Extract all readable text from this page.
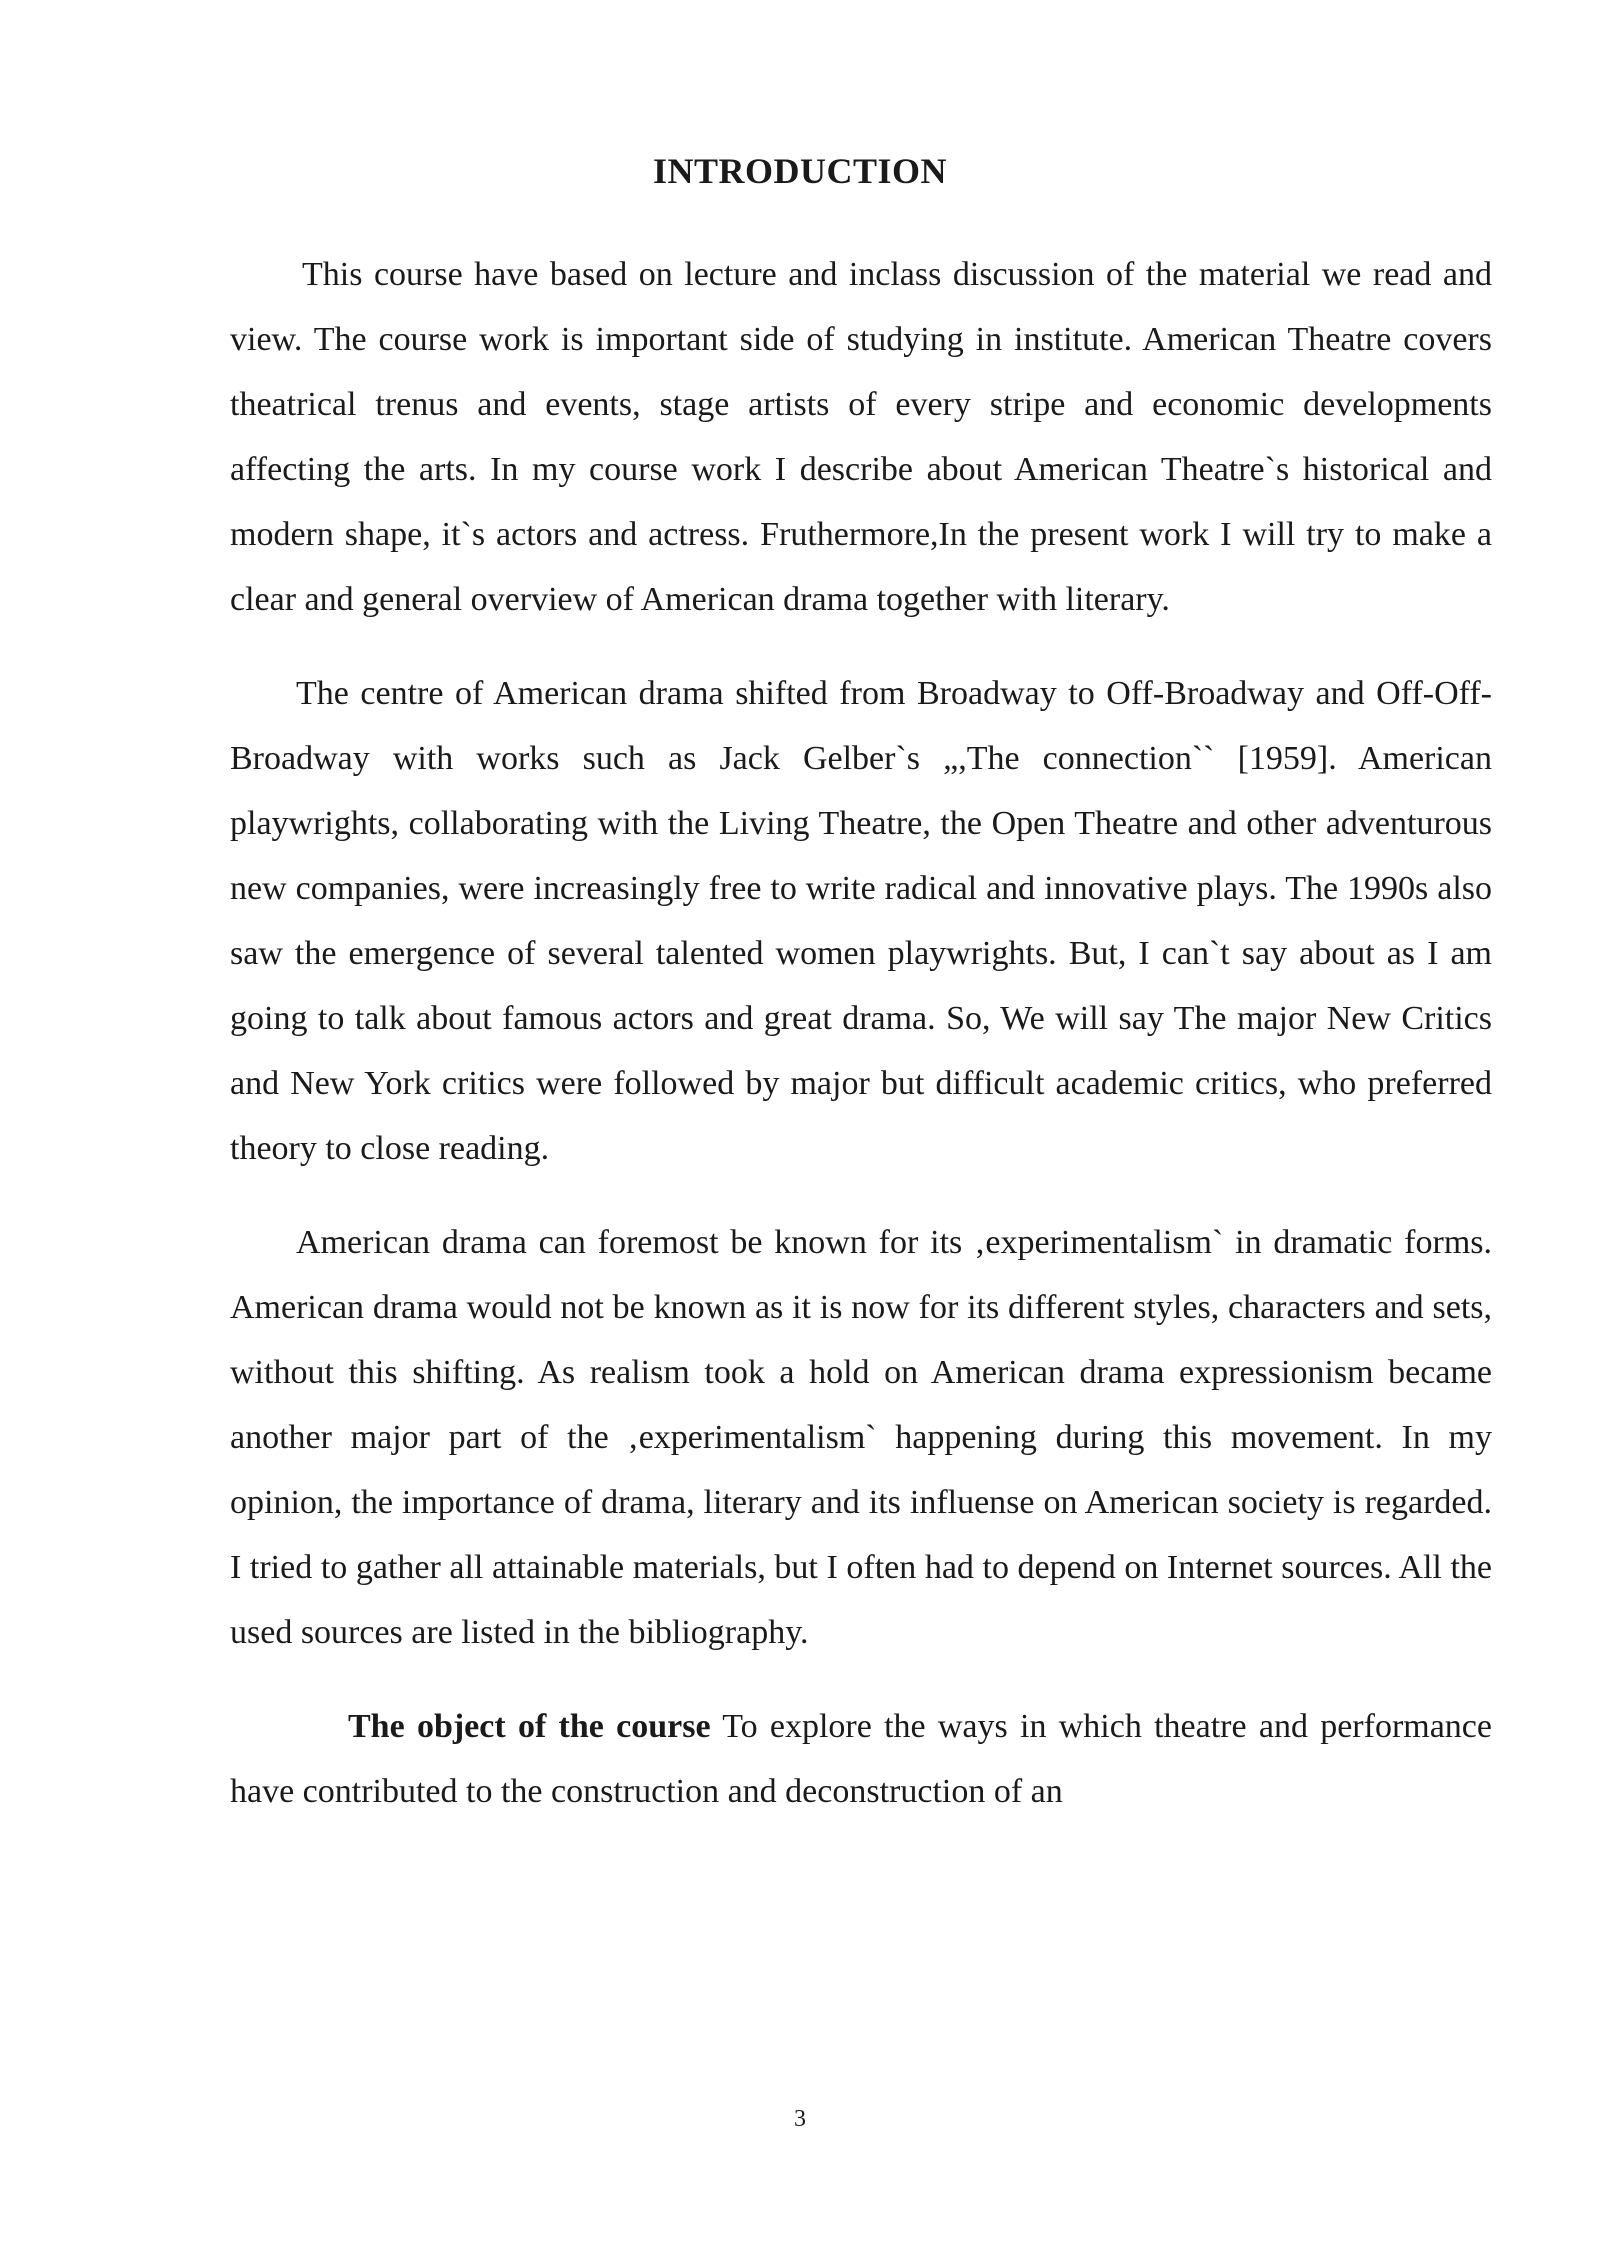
INTRODUCTION

This course have based on lecture and inclass discussion of the material we read and view. The course work is important side of studying in institute. American Theatre covers theatrical trenus and events, stage artists of every stripe and economic developments affecting the arts. In my course work I describe about American Theatre`s historical and modern shape, it`s actors and actress. Fruthermore,In the present work I will try to make a clear and general overview of American drama together with literary.

The centre of American drama shifted from Broadway to Off-Broadway and Off-Off-Broadway with works such as Jack Gelber`s „,The connection`` [1959]. American playwrights, collaborating with the Living Theatre, the Open Theatre and other adventurous new companies, were increasingly free to write radical and innovative plays. The 1990s also saw the emergence of several talented women playwrights. But, I can`t say about as I am going to talk about famous actors and great drama. So, We will say The major New Critics and New York critics were followed by major but difficult academic critics, who preferred theory to close reading.

American drama can foremost be known for its ‚experimentalism` in dramatic forms. American drama would not be known as it is now for its different styles, characters and sets, without this shifting. As realism took a hold on American drama expressionism became another major part of the ‚experimentalism` happening during this movement. In my opinion, the importance of drama, literary and its influense on American society is regarded. I tried to gather all attainable materials, but I often had to depend on Internet sources. All the used sources are listed in the bibliography.

The object of the course To explore the ways in which theatre and performance have contributed to the construction and deconstruction of an

3
